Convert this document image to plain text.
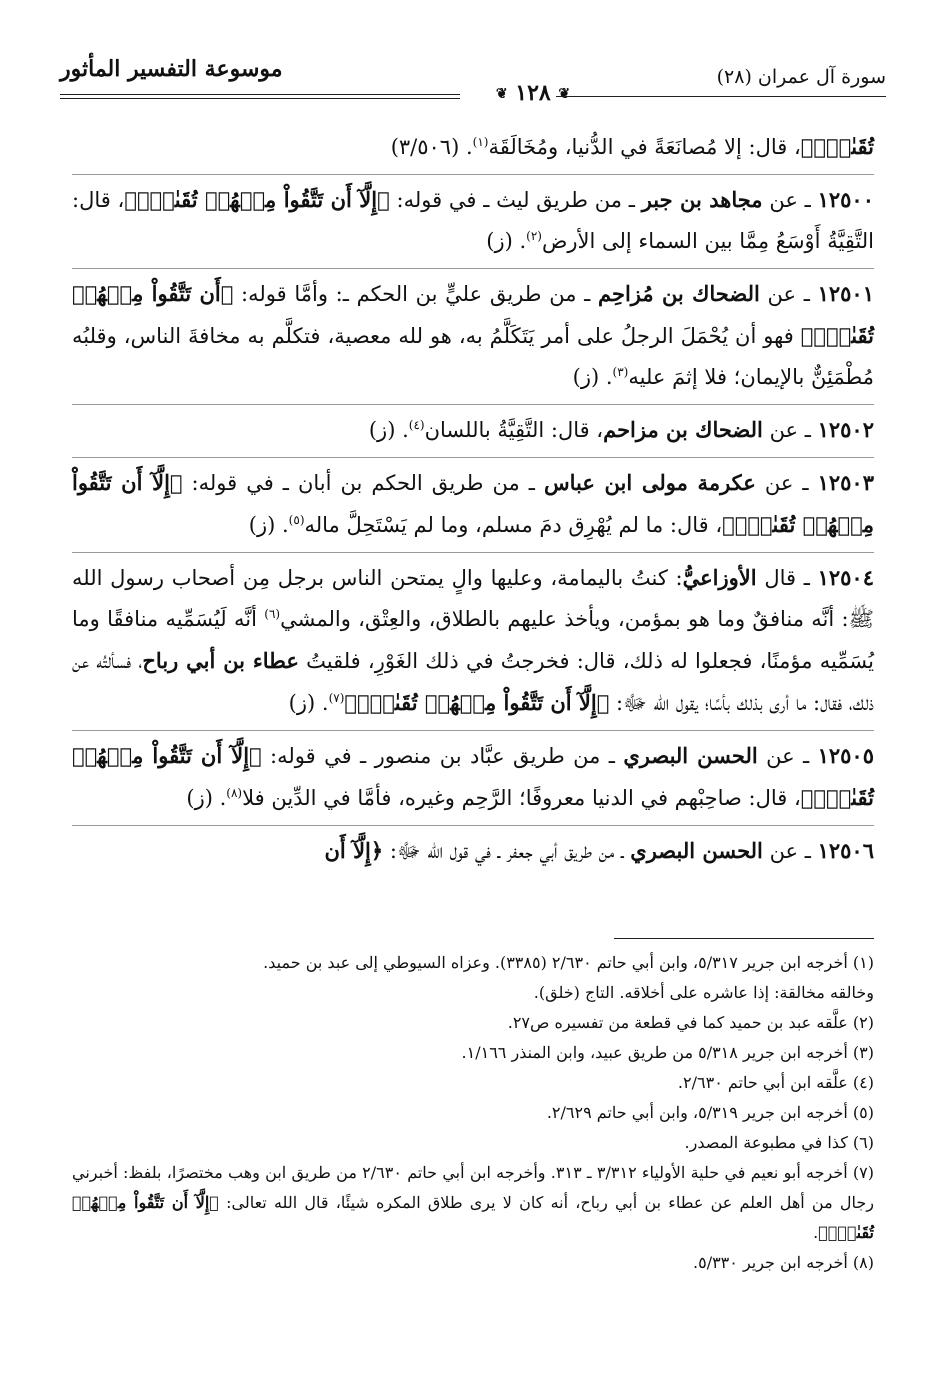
موسوعة التفسير المأثور
❦ ١٢٨ ❦
سورة آل عمران (٢٨)
تُقَىٰةًۗ﴾، قال: إلا مُصانَعَةً في الدُّنيا، ومُخَالَقَة$^{(١)}$. (٣/٥٠٦)
١٢٥٠٠ ـ عن مجاهد بن جبر ـ من طريق ليث ـ في قوله: ﴿إِلَّآ أَن تَتَّقُواْ مِنۡهُمۡ تُقَىٰةًۗ﴾، قال: التَّقِيَّةُ أَوْسَعُ مِمَّا بين السماء إلى الأرض$^{(٢)}$. (ز)
١٢٥٠١ ـ عن الضحاك بن مُزاحِم ـ من طريق عليٍّ بن الحكم ـ: وأمَّا قوله: ﴿أَن تَتَّقُواْ مِنۡهُمۡ تُقَىٰةًۗ﴾ فهو أن يُحْمَلَ الرجلُ على أمر يَتَكَلَّمُ به، هو لله معصية، فتكلَّم به مخافةَ الناس، وقلبُه مُطْمَئِنٌّ بالإيمان؛ فلا إثمَ عليه$^{(٣)}$. (ز)
١٢٥٠٢ ـ عن الضحاك بن مزاحم، قال: التَّقِيَّةُ باللسان$^{(٤)}$. (ز)
١٢٥٠٣ ـ عن عكرمة مولى ابن عباس ـ من طريق الحكم بن أبان ـ في قوله: ﴿إِلَّآ أَن تَتَّقُواْ مِنۡهُمۡ تُقَىٰةًۗ﴾، قال: ما لم يُهْرِق دمَ مسلم، وما لم يَسْتَحِلَّ ماله$^{(٥)}$. (ز)
١٢٥٠٤ ـ قال الأوزاعيُّ: كنتُ باليمامة، وعليها والٍ يمتحن الناس برجل مِن أصحاب رسول الله ﷺ: أنَّه منافقٌ وما هو بمؤمن، ويأخذ عليهم بالطلاق، والعِتْق، والمشي$^{(٦)}$ أنَّه لَيُسَمِّيه منافقًا وما يُسَمِّيه مؤمنًا، فجعلوا له ذلك، قال: فخرجتُ في ذلك الغَوْرِ، فلقيتُ عطاء بن أبي رباح، فسألتُه عن ذلك، فقال: ما أرى بذلك بأسًا؛ يقول الله ﷻ: ﴿إِلَّآ أَن تَتَّقُواْ مِنۡهُمۡ تُقَىٰةًۗ﴾$^{(٧)}$. (ز)
١٢٥٠٥ ـ عن الحسن البصري ـ من طريق عبَّاد بن منصور ـ في قوله: ﴿إِلَّآ أَن تَتَّقُواْ مِنۡهُمۡ تُقَىٰةًۗ﴾، قال: صاحِبْهم في الدنيا معروفًا؛ الرَّحِم وغيره، فأمَّا في الدِّين فلا$^{(٨)}$. (ز)
١٢٥٠٦ ـ عن الحسن البصري ـ من طريق أبي جعفر ـ في قول الله ﷻ: ﴿إِلَّآ أَن
(١) أخرجه ابن جرير ٥/٣١٧، وابن أبي حاتم ٢/٦٣٠ (٣٣٨٥). وعزاه السيوطي إلى عبد بن حميد.
وخالقه مخالقة: إذا عاشره على أخلاقه. التاج (خلق).
(٢) علَّقه عبد بن حميد كما في قطعة من تفسيره ص٢٧.
(٣) أخرجه ابن جرير ٥/٣١٨ من طريق عبيد، وابن المنذر ١/١٦٦.
(٤) علَّقه ابن أبي حاتم ٢/٦٣٠.
(٥) أخرجه ابن جرير ٥/٣١٩، وابن أبي حاتم ٢/٦٢٩.
(٦) كذا في مطبوعة المصدر.
(٧) أخرجه أبو نعيم في حلية الأولياء ٣/٣١٢ ـ ٣١٣. وأخرجه ابن أبي حاتم ٢/٦٣٠ من طريق ابن وهب مختصرًا، بلفظ: أخبرني رجال من أهل العلم عن عطاء بن أبي رباح، أنه كان لا يرى طلاق المكره شيئًا، قال الله تعالى: ﴿إِلَّآ أَن تَتَّقُواْ مِنۡهُمۡ تُقَىٰةًۗ﴾.
(٨) أخرجه ابن جرير ٥/٣٣٠.
